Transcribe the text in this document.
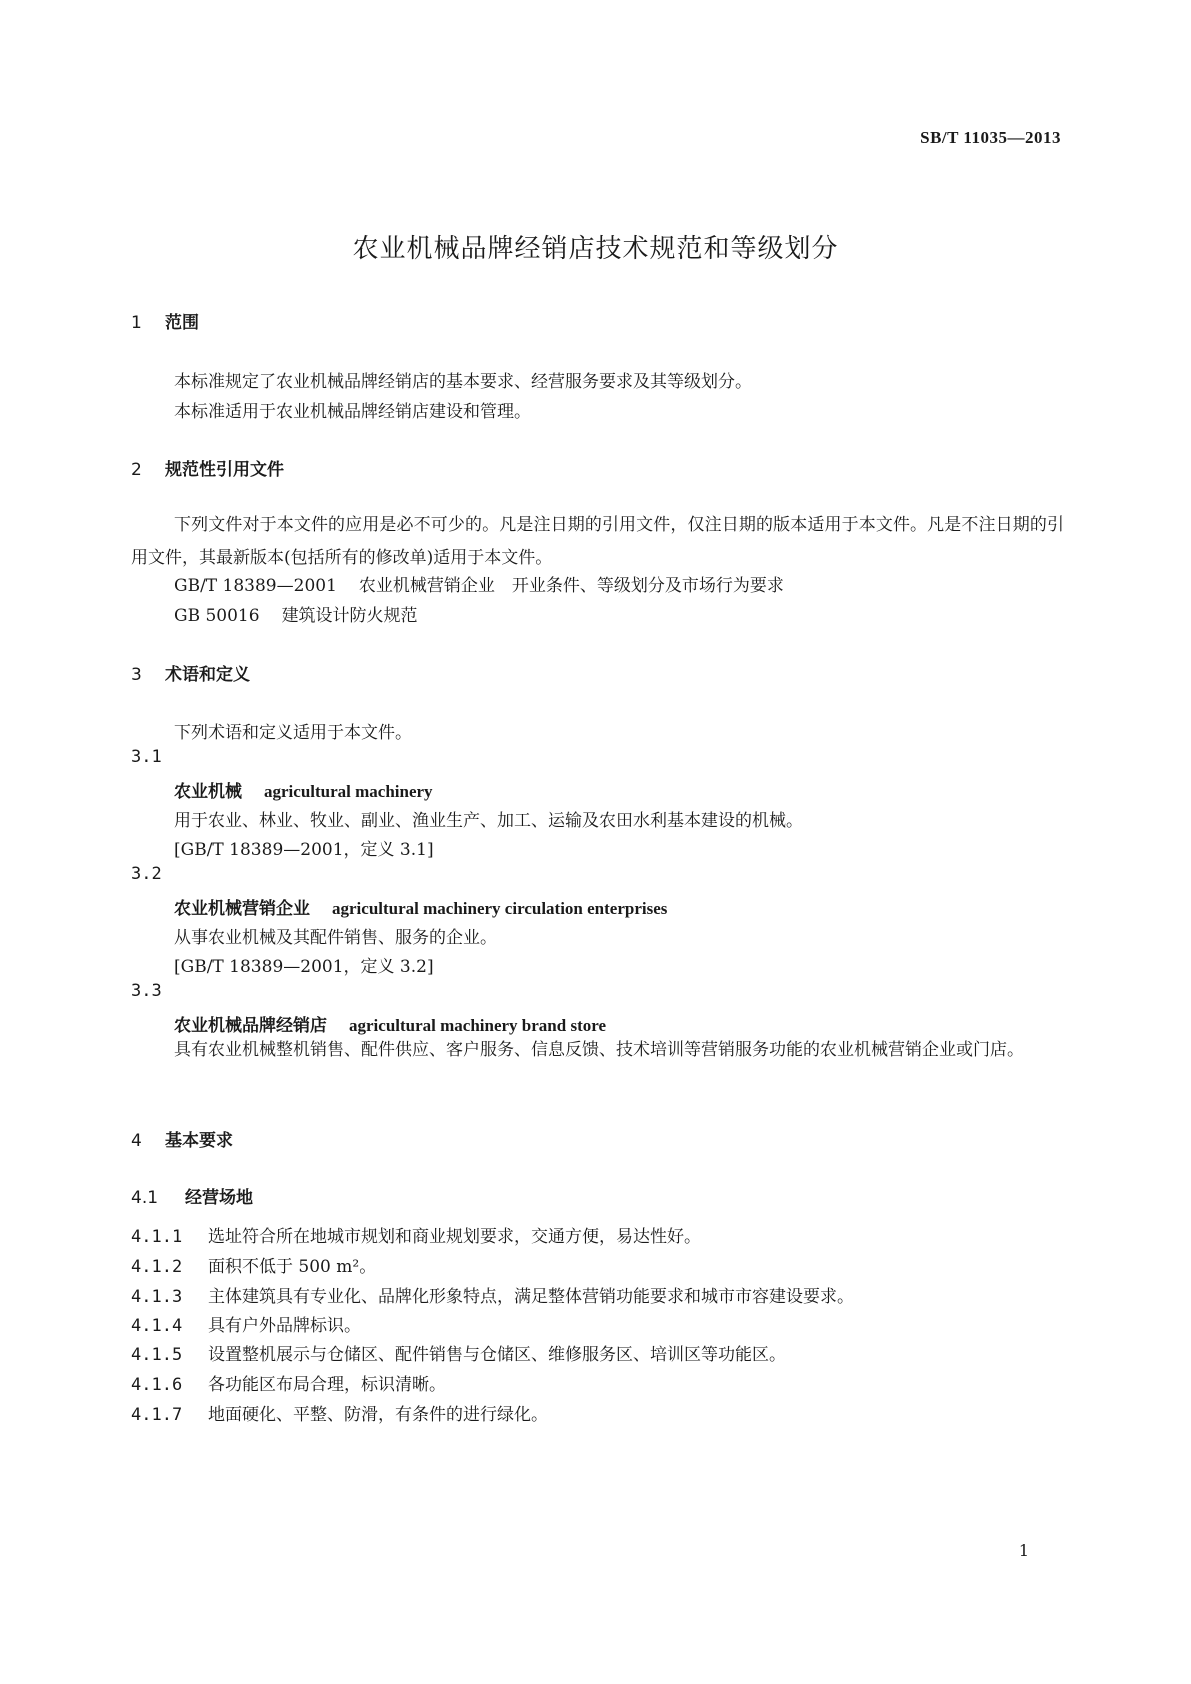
SB/T 11035—2013
农业机械品牌经销店技术规范和等级划分
1 范围
本标准规定了农业机械品牌经销店的基本要求、经营服务要求及其等级划分。
本标准适用于农业机械品牌经销店建设和管理。
2 规范性引用文件
下列文件对于本文件的应用是必不可少的。凡是注日期的引用文件，仅注日期的版本适用于本文件。凡是不注日期的引用文件，其最新版本(包括所有的修改单)适用于本文件。
GB/T 18389—2001 农业机械营销企业　开业条件、等级划分及市场行为要求
GB 50016 建筑设计防火规范
3 术语和定义
下列术语和定义适用于本文件。
3.1
农业机械 agricultural machinery
用于农业、林业、牧业、副业、渔业生产、加工、运输及农田水利基本建设的机械。
[GB/T 18389—2001，定义 3.1]
3.2
农业机械营销企业 agricultural machinery circulation enterprises
从事农业机械及其配件销售、服务的企业。
[GB/T 18389—2001，定义 3.2]
3.3
农业机械品牌经销店 agricultural machinery brand store
具有农业机械整机销售、配件供应、客户服务、信息反馈、技术培训等营销服务功能的农业机械营销企业或门店。
4 基本要求
4.1 经营场地
4.1.1 选址符合所在地城市规划和商业规划要求，交通方便，易达性好。
4.1.2 面积不低于 500 m²。
4.1.3 主体建筑具有专业化、品牌化形象特点，满足整体营销功能要求和城市市容建设要求。
4.1.4 具有户外品牌标识。
4.1.5 设置整机展示与仓储区、配件销售与仓储区、维修服务区、培训区等功能区。
4.1.6 各功能区布局合理，标识清晰。
4.1.7 地面硬化、平整、防滑，有条件的进行绿化。
1
